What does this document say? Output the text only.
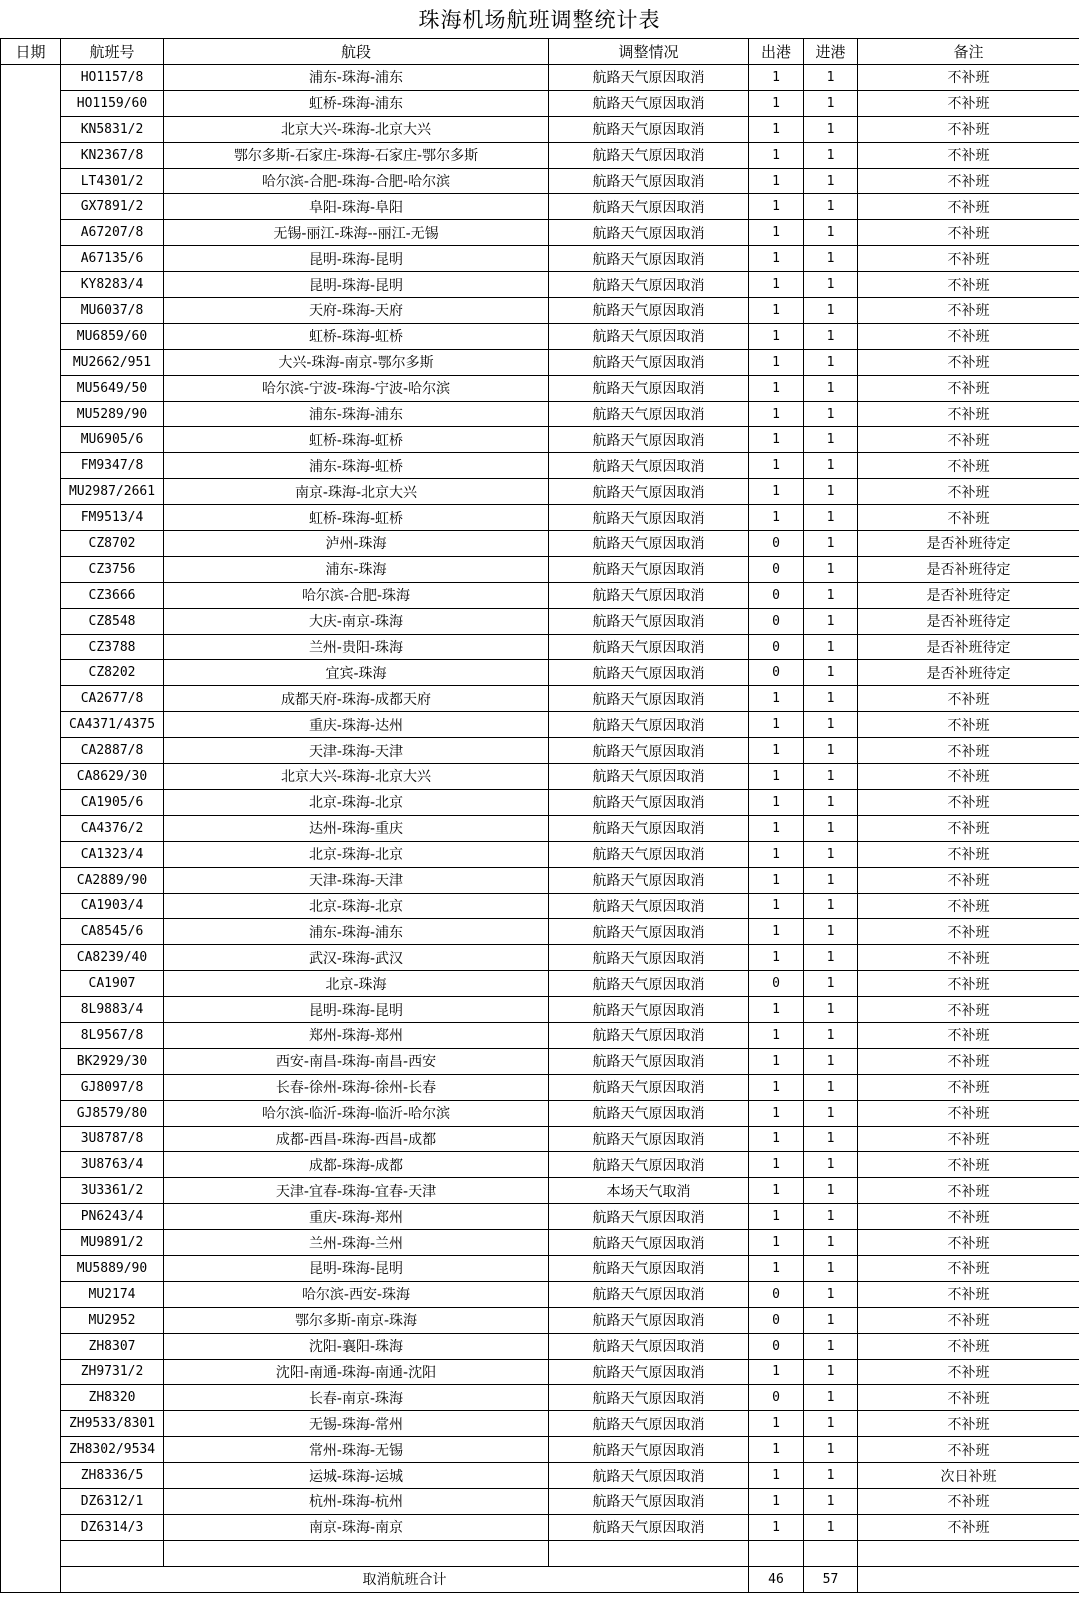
珠海机场航班调整统计表
日期	航班号	航段	调整情况	出港	进港	备注
	HO1157/8	浦东-珠海-浦东	航路天气原因取消	1	1	不补班
	HO1159/60	虹桥-珠海-浦东	航路天气原因取消	1	1	不补班
	KN5831/2	北京大兴-珠海-北京大兴	航路天气原因取消	1	1	不补班
	KN2367/8	鄂尔多斯-石家庄-珠海-石家庄-鄂尔多斯	航路天气原因取消	1	1	不补班
	LT4301/2	哈尔滨-合肥-珠海-合肥-哈尔滨	航路天气原因取消	1	1	不补班
	GX7891/2	阜阳-珠海-阜阳	航路天气原因取消	1	1	不补班
	A67207/8	无锡-丽江-珠海--丽江-无锡	航路天气原因取消	1	1	不补班
	A67135/6	昆明-珠海-昆明	航路天气原因取消	1	1	不补班
	KY8283/4	昆明-珠海-昆明	航路天气原因取消	1	1	不补班
	MU6037/8	天府-珠海-天府	航路天气原因取消	1	1	不补班
	MU6859/60	虹桥-珠海-虹桥	航路天气原因取消	1	1	不补班
	MU2662/951	大兴-珠海-南京-鄂尔多斯	航路天气原因取消	1	1	不补班
	MU5649/50	哈尔滨-宁波-珠海-宁波-哈尔滨	航路天气原因取消	1	1	不补班
	MU5289/90	浦东-珠海-浦东	航路天气原因取消	1	1	不补班
	MU6905/6	虹桥-珠海-虹桥	航路天气原因取消	1	1	不补班
	FM9347/8	浦东-珠海-虹桥	航路天气原因取消	1	1	不补班
	MU2987/2661	南京-珠海-北京大兴	航路天气原因取消	1	1	不补班
	FM9513/4	虹桥-珠海-虹桥	航路天气原因取消	1	1	不补班
	CZ8702	泸州-珠海	航路天气原因取消	0	1	是否补班待定
	CZ3756	浦东-珠海	航路天气原因取消	0	1	是否补班待定
	CZ3666	哈尔滨-合肥-珠海	航路天气原因取消	0	1	是否补班待定
	CZ8548	大庆-南京-珠海	航路天气原因取消	0	1	是否补班待定
	CZ3788	兰州-贵阳-珠海	航路天气原因取消	0	1	是否补班待定
	CZ8202	宜宾-珠海	航路天气原因取消	0	1	是否补班待定
	CA2677/8	成都天府-珠海-成都天府	航路天气原因取消	1	1	不补班
	CA4371/4375	重庆-珠海-达州	航路天气原因取消	1	1	不补班
	CA2887/8	天津-珠海-天津	航路天气原因取消	1	1	不补班
	CA8629/30	北京大兴-珠海-北京大兴	航路天气原因取消	1	1	不补班
	CA1905/6	北京-珠海-北京	航路天气原因取消	1	1	不补班
	CA4376/2	达州-珠海-重庆	航路天气原因取消	1	1	不补班
	CA1323/4	北京-珠海-北京	航路天气原因取消	1	1	不补班
	CA2889/90	天津-珠海-天津	航路天气原因取消	1	1	不补班
	CA1903/4	北京-珠海-北京	航路天气原因取消	1	1	不补班
	CA8545/6	浦东-珠海-浦东	航路天气原因取消	1	1	不补班
	CA8239/40	武汉-珠海-武汉	航路天气原因取消	1	1	不补班
	CA1907	北京-珠海	航路天气原因取消	0	1	不补班
	8L9883/4	昆明-珠海-昆明	航路天气原因取消	1	1	不补班
	8L9567/8	郑州-珠海-郑州	航路天气原因取消	1	1	不补班
	BK2929/30	西安-南昌-珠海-南昌-西安	航路天气原因取消	1	1	不补班
	GJ8097/8	长春-徐州-珠海-徐州-长春	航路天气原因取消	1	1	不补班
	GJ8579/80	哈尔滨-临沂-珠海-临沂-哈尔滨	航路天气原因取消	1	1	不补班
	3U8787/8	成都-西昌-珠海-西昌-成都	航路天气原因取消	1	1	不补班
	3U8763/4	成都-珠海-成都	航路天气原因取消	1	1	不补班
	3U3361/2	天津-宜春-珠海-宜春-天津	本场天气取消	1	1	不补班
	PN6243/4	重庆-珠海-郑州	航路天气原因取消	1	1	不补班
	MU9891/2	兰州-珠海-兰州	航路天气原因取消	1	1	不补班
	MU5889/90	昆明-珠海-昆明	航路天气原因取消	1	1	不补班
	MU2174	哈尔滨-西安-珠海	航路天气原因取消	0	1	不补班
	MU2952	鄂尔多斯-南京-珠海	航路天气原因取消	0	1	不补班
	ZH8307	沈阳-襄阳-珠海	航路天气原因取消	0	1	不补班
	ZH9731/2	沈阳-南通-珠海-南通-沈阳	航路天气原因取消	1	1	不补班
	ZH8320	长春-南京-珠海	航路天气原因取消	0	1	不补班
	ZH9533/8301	无锡-珠海-常州	航路天气原因取消	1	1	不补班
	ZH8302/9534	常州-珠海-无锡	航路天气原因取消	1	1	不补班
	ZH8336/5	运城-珠海-运城	航路天气原因取消	1	1	次日补班
	DZ6312/1	杭州-珠海-杭州	航路天气原因取消	1	1	不补班
	DZ6314/3	南京-珠海-南京	航路天气原因取消	1	1	不补班

	取消航班合计			46	57	
